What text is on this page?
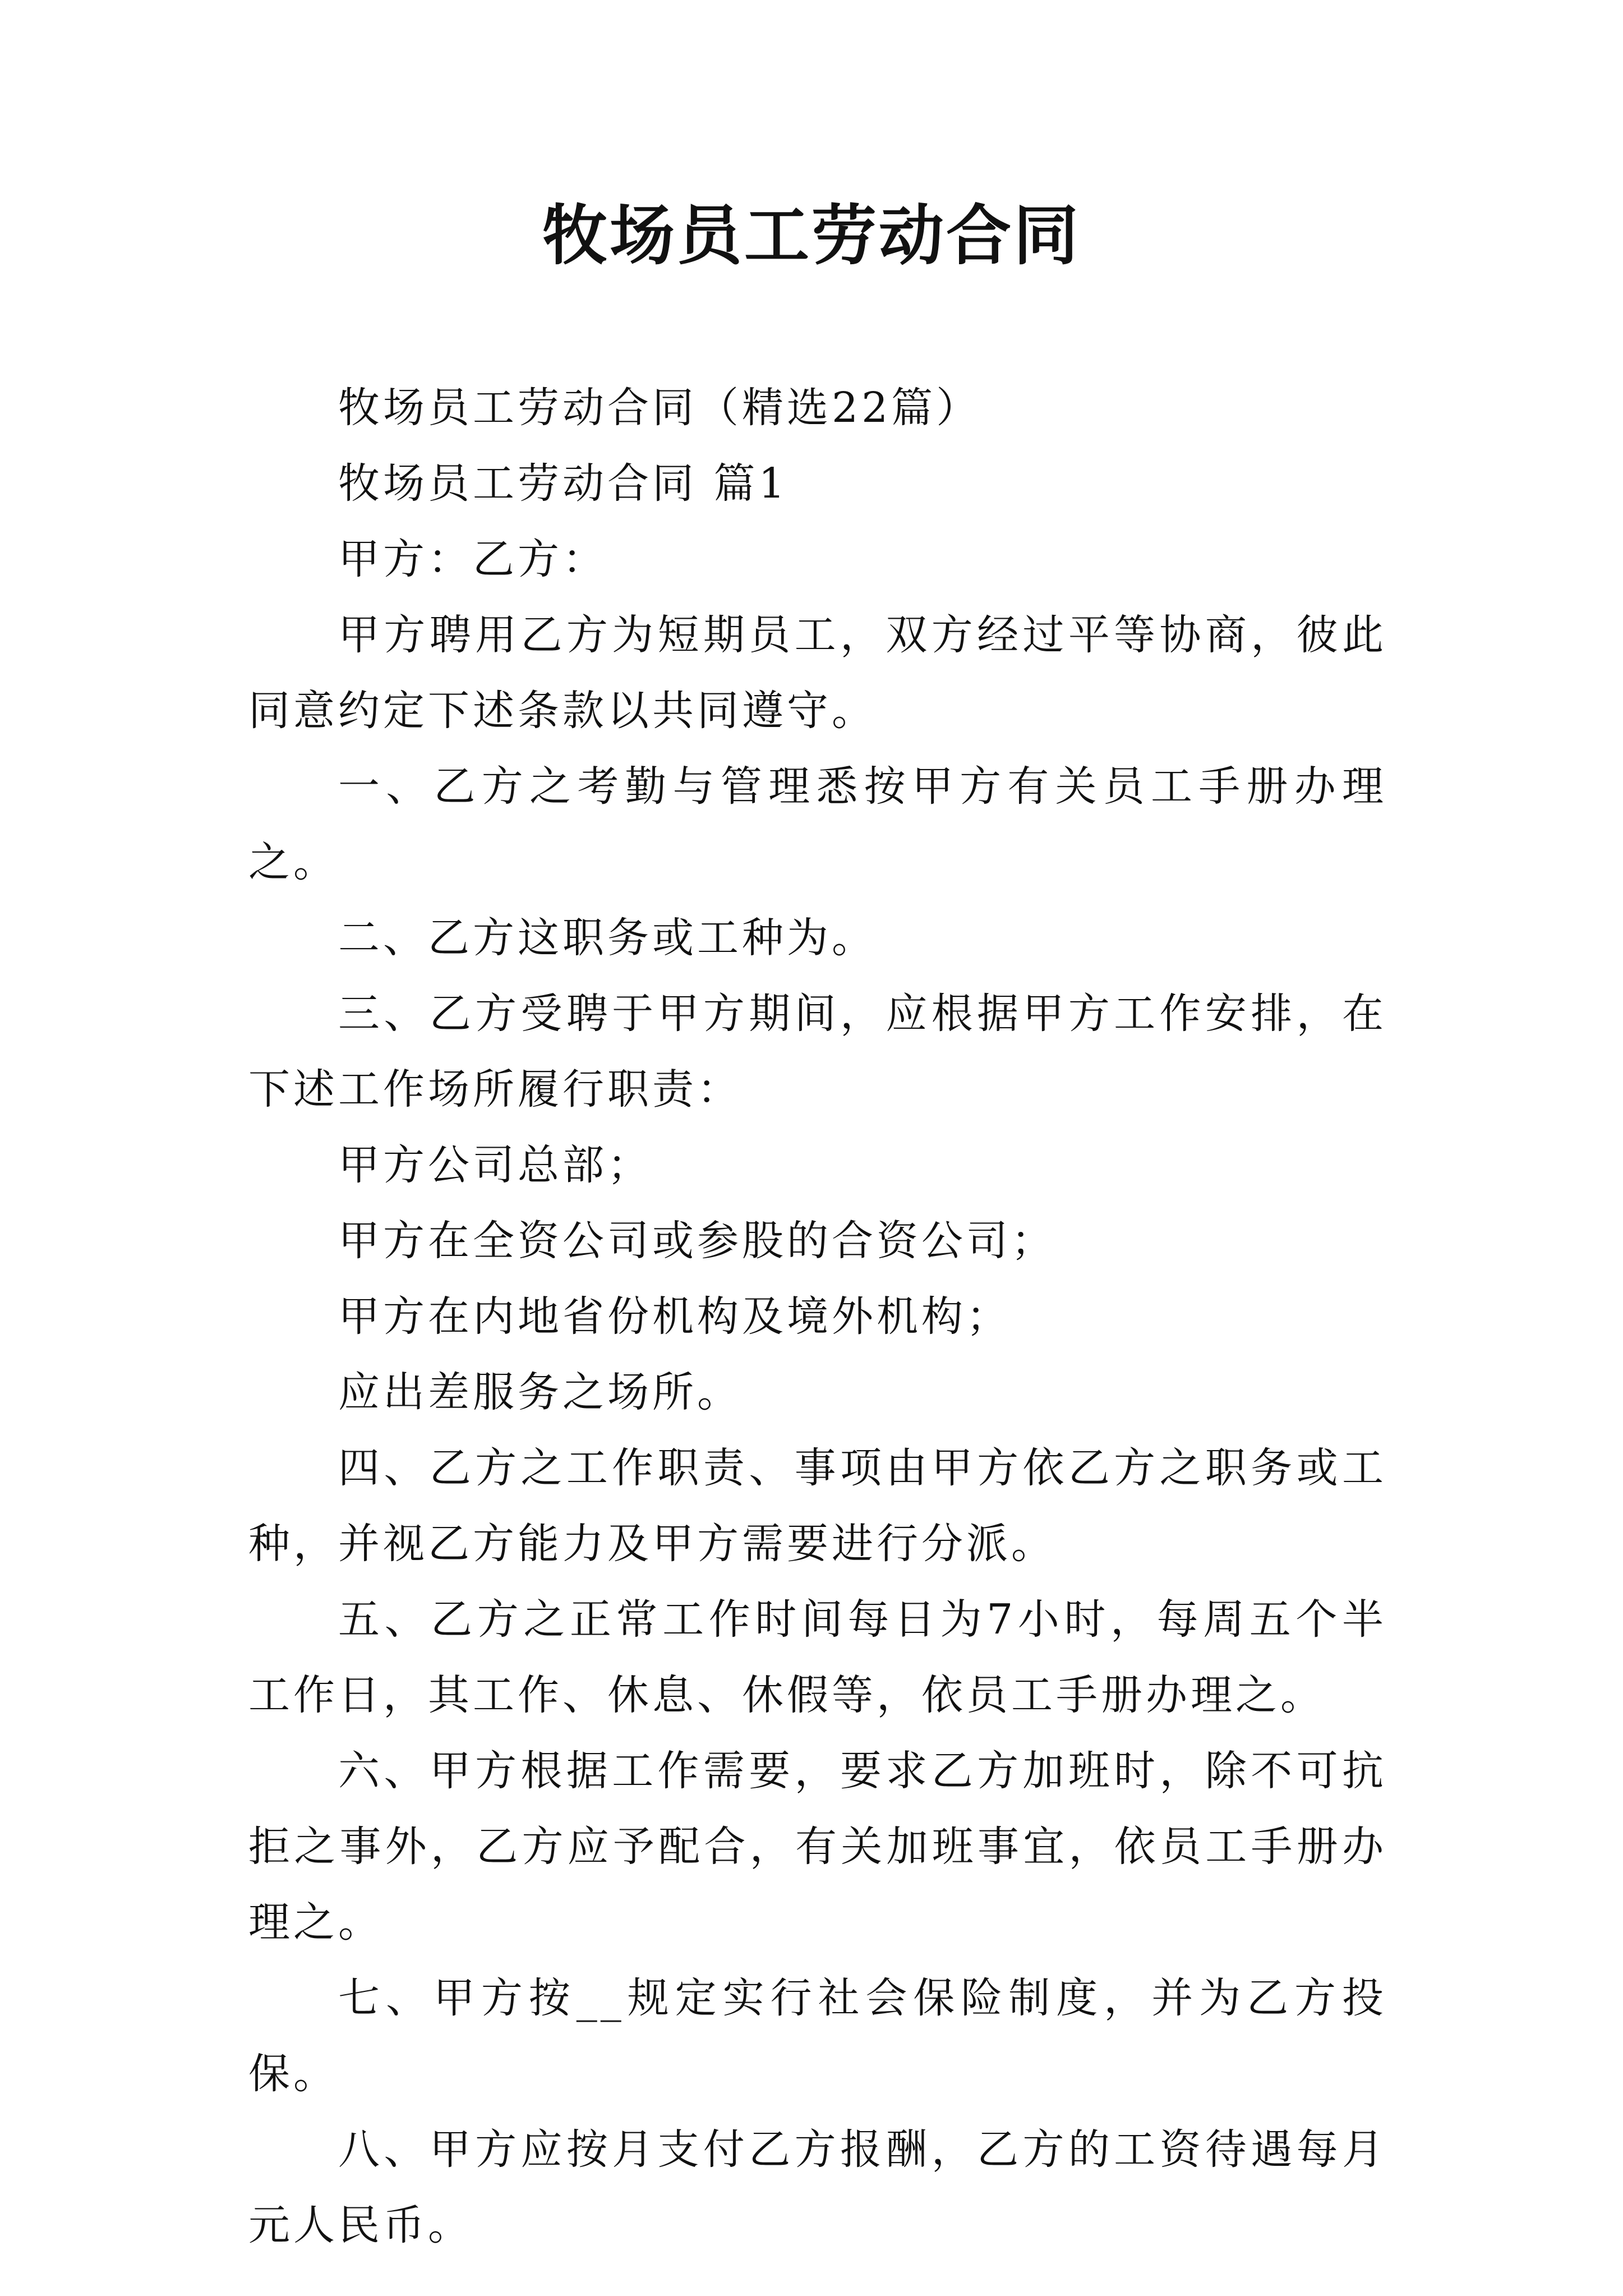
牧场员工劳动合同

牧场员工劳动合同（精选22篇）

牧场员工劳动合同 篇1

甲方：乙方：

甲方聘用乙方为短期员工，双方经过平等协商，彼此同意约定下述条款以共同遵守。

一、乙方之考勤与管理悉按甲方有关员工手册办理之。

二、乙方这职务或工种为。

三、乙方受聘于甲方期间，应根据甲方工作安排，在下述工作场所履行职责：

甲方公司总部；

甲方在全资公司或参股的合资公司；

甲方在内地省份机构及境外机构；

应出差服务之场所。

四、乙方之工作职责、事项由甲方依乙方之职务或工种，并视乙方能力及甲方需要进行分派。

五、乙方之正常工作时间每日为7小时，每周五个半工作日，其工作、休息、休假等，依员工手册办理之。

六、甲方根据工作需要，要求乙方加班时，除不可抗拒之事外，乙方应予配合，有关加班事宜，依员工手册办理之。

七、甲方按__规定实行社会保险制度，并为乙方投保。

八、甲方应按月支付乙方报酬，乙方的工资待遇每月元人民币。
